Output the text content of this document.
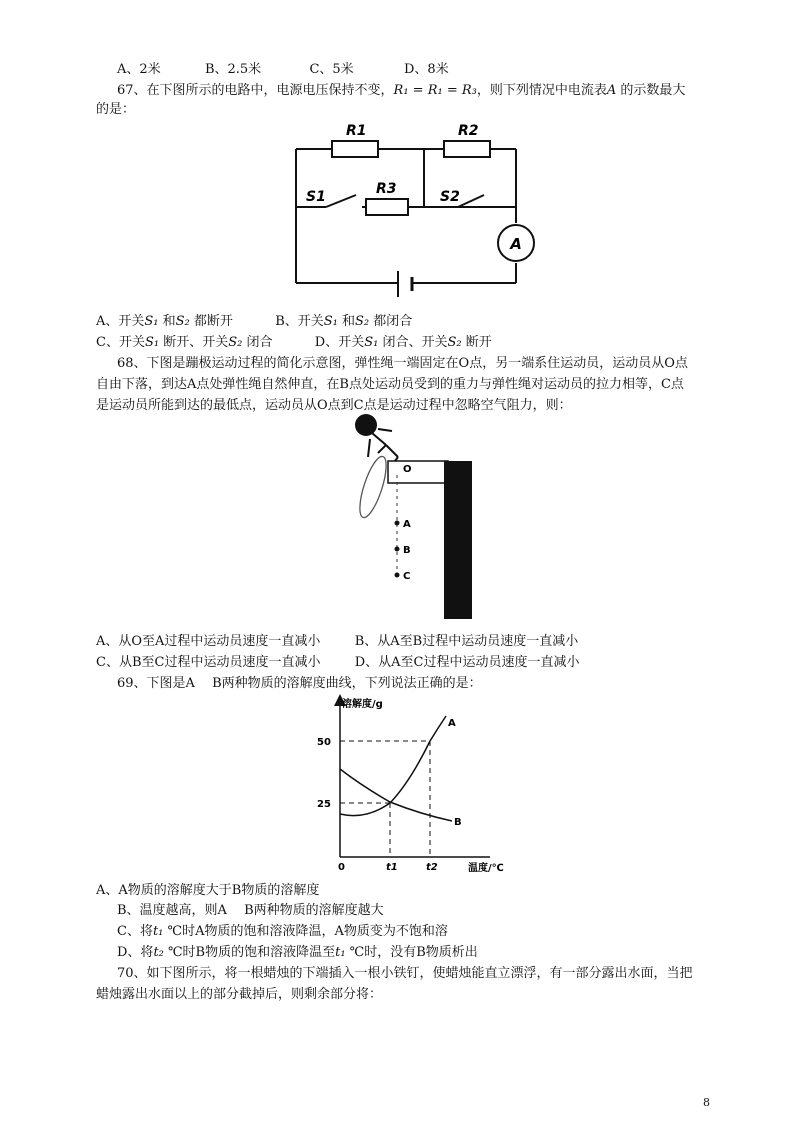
A、2米	B、2.5米	C、5米	D、8米
67、在下图所示的电路中，电源电压保持不变，R₁ = R₁ = R₃，则下列情况中电流表A 的示数最大
的是：
A
R1	R2
R3
S1	S2
A、开关S₁ 和S₂ 都断开	B、开关S₁ 和S₂ 都闭合
C、开关S₁ 断开、开关S₂ 闭合	D、开关S₁ 闭合、开关S₂ 断开
68、下图是蹦极运动过程的简化示意图，弹性绳一端固定在O点，另一端系住运动员，运动员从O点
自由下落，到达A点处弹性绳自然伸直，在B点处运动员受到的重力与弹性绳对运动员的拉力相等，C点
是运动员所能到达的最低点，运动员从O点到C点是运动过程中忽略空气阻力，则：
O
A
B
C
A、从O至A过程中运动员速度一直减小	B、从A至B过程中运动员速度一直减小
C、从B至C过程中运动员速度一直减小	D、从A至C过程中运动员速度一直减小
69、下图是A　 B两种物质的溶解度曲线，下列说法正确的是：
溶解度/g
温度/℃
50
25
0	t1	t2
A
B
A、A物质的溶解度大于B物质的溶解度
B、温度越高，则A　 B两种物质的溶解度越大
C、将t₁ ℃时A物质的饱和溶液降温，A物质变为不饱和溶
D、将t₂ ℃时B物质的饱和溶液降温至t₁ ℃时，没有B物质析出
70、如下图所示，将一根蜡烛的下端插入一根小铁钉，使蜡烛能直立漂浮，有一部分露出水面，当把
蜡烛露出水面以上的部分截掉后，则剩余部分将：
8
